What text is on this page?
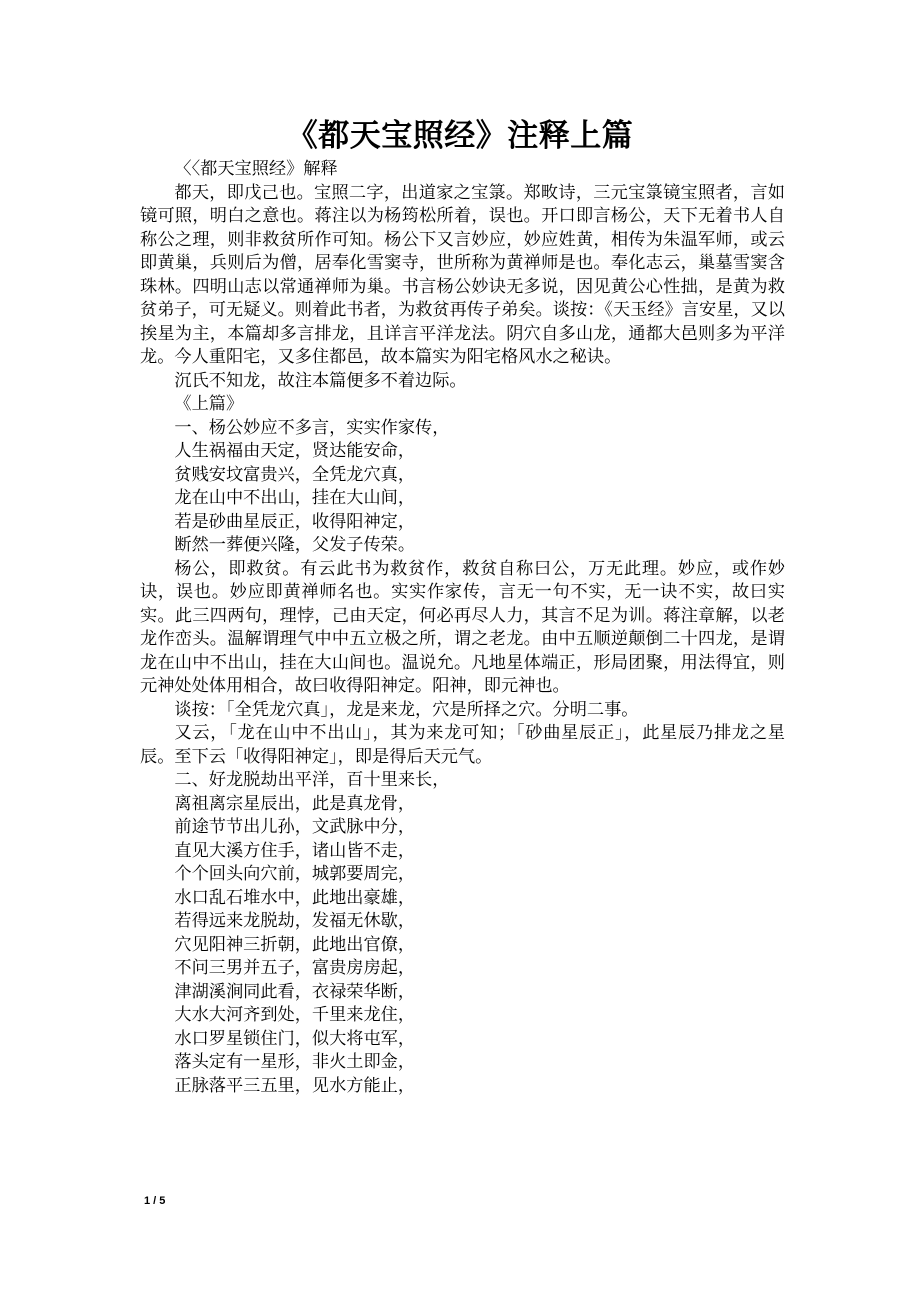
《都天宝照经》注释上篇

〈〈都天宝照经》解释

都天，即戊己也。宝照二字，出道家之宝箓。郑畋诗，三元宝箓镜宝照者，言如镜可照，明白之意也。蒋注以为杨筠松所着，误也。开口即言杨公，天下无着书人自称公之理，则非救贫所作可知。杨公下又言妙应，妙应姓黄，相传为朱温军师，或云即黄巢，兵则后为僧，居奉化雪窦寺，世所称为黄禅师是也。奉化志云，巢墓雪窦含珠林。四明山志以常通禅师为巢。书言杨公妙诀无多说，因见黄公心性拙，是黄为救贫弟子，可无疑义。则着此书者，为救贫再传子弟矣。谈按：《天玉经》言安星，又以挨星为主，本篇却多言排龙，且详言平洋龙法。阴穴自多山龙，通都大邑则多为平洋龙。今人重阳宅，又多住都邑，故本篇实为阳宅格风水之秘诀。

沉氏不知龙，故注本篇便多不着边际。

《上篇》

一、杨公妙应不多言，实实作家传，

人生祸福由天定，贤达能安命，

贫贱安坟富贵兴，全凭龙穴真，

龙在山中不出山，挂在大山间，

若是砂曲星辰正，收得阳神定，

断然一葬便兴隆，父发子传荣。

杨公，即救贫。有云此书为救贫作，救贫自称曰公，万无此理。妙应，或作妙诀，误也。妙应即黄禅师名也。实实作家传，言无一句不实，无一诀不实，故曰实实。此三四两句，理悖，己由天定，何必再尽人力，其言不足为训。蒋注章解，以老龙作峦头。温解谓理气中中五立极之所，谓之老龙。由中五顺逆颠倒二十四龙，是谓龙在山中不出山，挂在大山间也。温说允。凡地星体端正，形局团聚，用法得宜，则元神处处体用相合，故曰收得阳神定。阳神，即元神也。

谈按：「全凭龙穴真」，龙是来龙，穴是所择之穴。分明二事。

又云，「龙在山中不出山」，其为来龙可知；「砂曲星辰正」，此星辰乃排龙之星辰。至下云「收得阳神定」，即是得后天元气。

二、好龙脱劫出平洋，百十里来长，

离祖离宗星辰出，此是真龙骨，

前途节节出儿孙，文武脉中分，

直见大溪方住手，诸山皆不走，

个个回头向穴前，城郭要周完，

水口乱石堆水中，此地出豪雄，

若得远来龙脱劫，发福无休歇，

穴见阳神三折朝，此地出官僚，

不问三男并五子，富贵房房起，

津湖溪涧同此看，衣禄荣华断，

大水大河齐到处，千里来龙住，

水口罗星锁住门，似大将屯军，

落头定有一星形，非火土即金，

正脉落平三五里，见水方能止，

1 / 5
